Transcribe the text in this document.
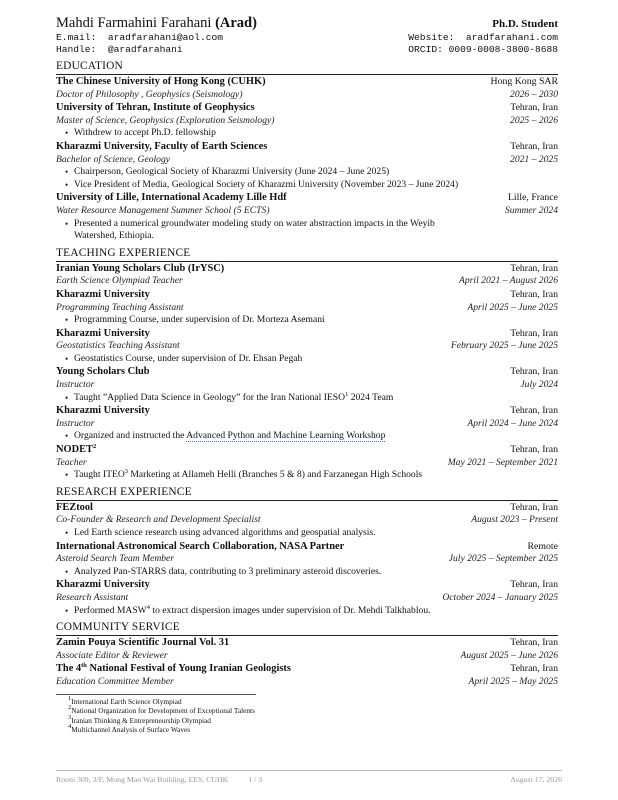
Mahdi Farmahini Farahani (Arad)	Ph.D. Student
E.mail: aradfarahani@aol.com	Website: aradfarahani.com
Handle: @aradfarahani	ORCID: 0009-0008-3800-8688
EDUCATION
The Chinese University of Hong Kong (CUHK)	Hong Kong SAR
Doctor of Philosophy , Geophysics (Seismology)	2026 – 2030
University of Tehran, Institute of Geophysics	Tehran, Iran
Master of Science, Geophysics (Exploration Seismology)	2025 – 2026
• Withdrew to accept Ph.D. fellowship
Kharazmi University, Faculty of Earth Sciences	Tehran, Iran
Bachelor of Science, Geology	2021 – 2025
• Chairperson, Geological Society of Kharazmi University (June 2024 – June 2025)
• Vice President of Media, Geological Society of Kharazmi University (November 2023 – June 2024)
University of Lille, International Academy Lille Hdf	Lille, France
Water Resource Management Summer School (5 ECTS)	Summer 2024
• Presented a numerical groundwater modeling study on water abstraction impacts in the Weyib
Watershed, Ethiopia.
TEACHING EXPERIENCE
Iranian Young Scholars Club (IrYSC)	Tehran, Iran
Earth Science Olympiad Teacher	April 2021 – August 2026
Kharazmi University	Tehran, Iran
Programming Teaching Assistant	April 2025 – June 2025
• Programming Course, under supervision of Dr. Morteza Asemani
Kharazmi University	Tehran, Iran
Geostatistics Teaching Assistant	February 2025 – June 2025
• Geostatistics Course, under supervision of Dr. Ehsan Pegah
Young Scholars Club	Tehran, Iran
Instructor	July 2024
• Taught ”Applied Data Science in Geology” for the Iran National IESO$^1$ 2024 Team
Kharazmi University	Tehran, Iran
Instructor	April 2024 – June 2024
• Organized and instructed the Advanced Python and Machine Learning Workshop
NODET$^2$	Tehran, Iran
Teacher	May 2021 – September 2021
• Taught ITEO$^3$ Marketing at Allameh Helli (Branches 5 & 8) and Farzanegan High Schools
RESEARCH EXPERIENCE
FEZtool	Tehran, Iran
Co-Founder & Research and Development Specialist	August 2023 – Present
• Led Earth science research using advanced algorithms and geospatial analysis.
International Astronomical Search Collaboration, NASA Partner	Remote
Asteroid Search Team Member	July 2025 – September 2025
• Analyzed Pan-STARRS data, contributing to 3 preliminary asteroid discoveries.
Kharazmi University	Tehran, Iran
Research Assistant	October 2024 – January 2025
• Performed MASW$^4$ to extract dispersion images under supervision of Dr. Mehdi Talkhablou.
COMMUNITY SERVICE
Zamin Pouya Scientific Journal Vol. 31	Tehran, Iran
Associate Editor & Reviewer	August 2025 – June 2026
The 4th National Festival of Young Iranian Geologists	Tehran, Iran
Education Committee Member	April 2025 – May 2025
$^1$International Earth Science Olympiad
$^2$National Organization for Development of Exceptional Talents
$^3$Iranian Thinking & Entrepreneurship Olympiad
$^4$Multichannel Analysis of Surface Waves
Room 309, 3/F, Mong Man Wai Building, EES, CUHK	1 / 3	August 17, 2026
